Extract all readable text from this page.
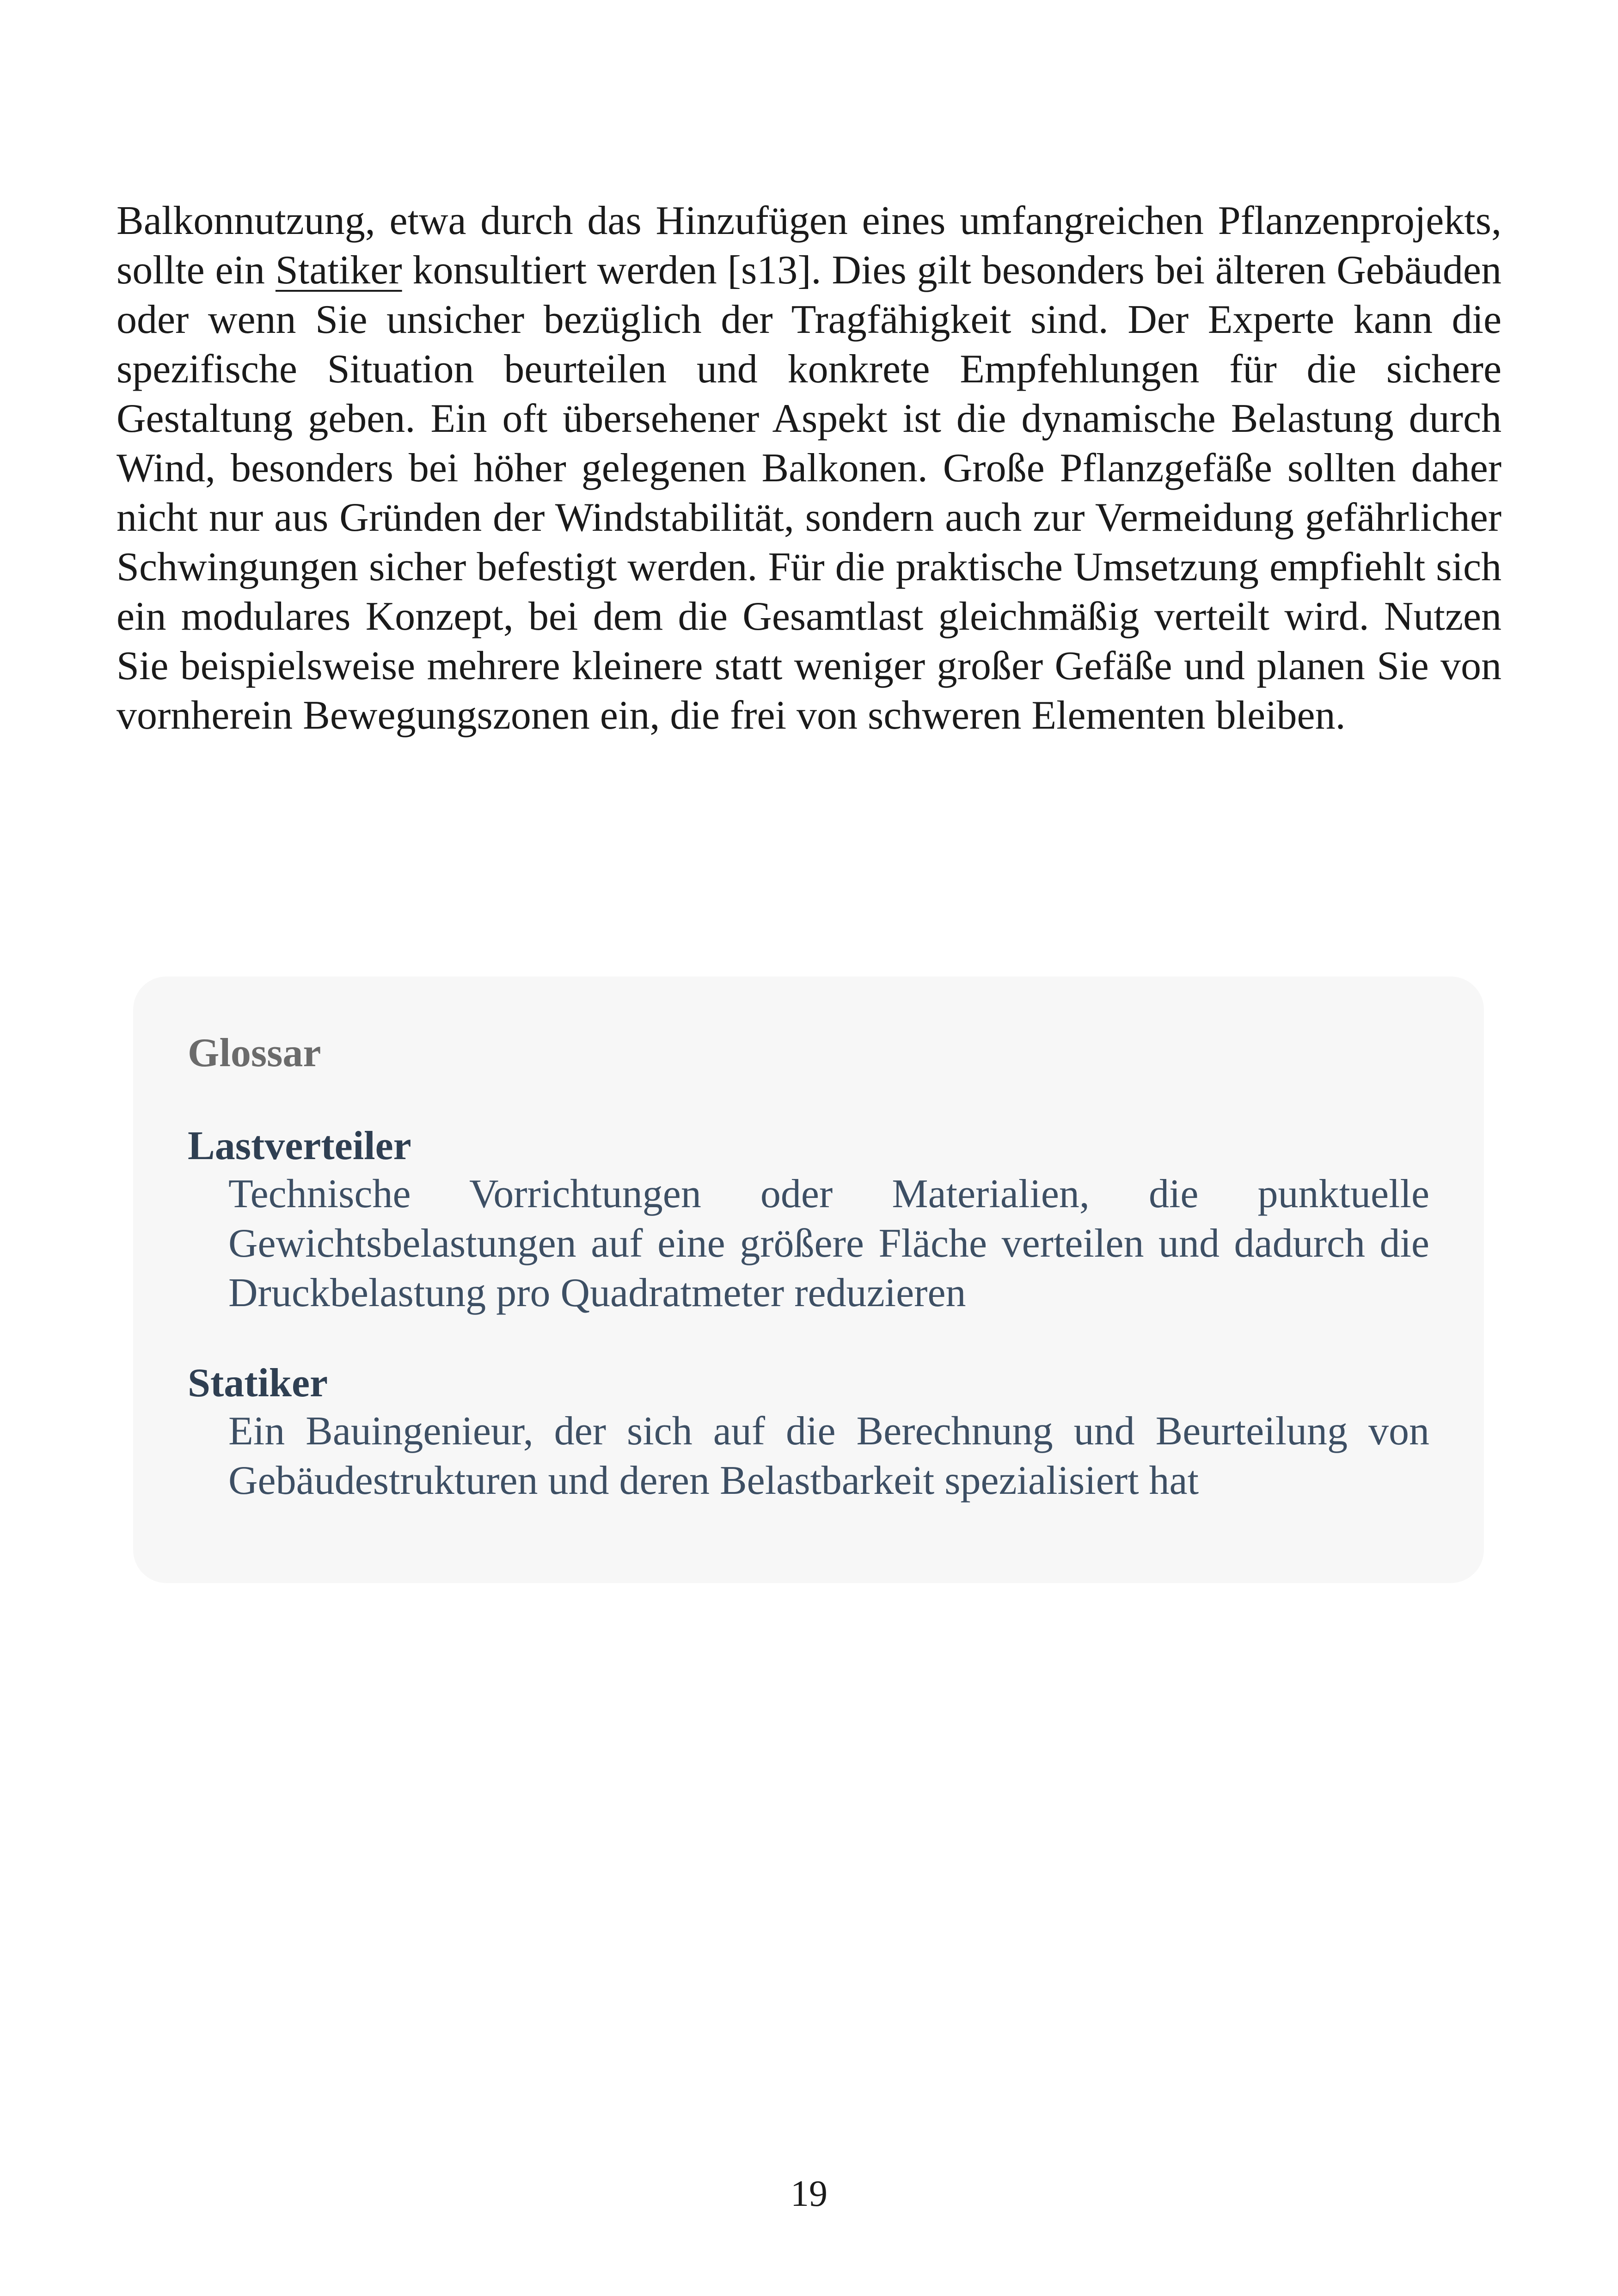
Balkonnutzung, etwa durch das Hinzufügen eines umfangreichen Pflanzenprojekts, sollte ein Statiker konsultiert werden [s13]. Dies gilt besonders bei älteren Gebäuden oder wenn Sie unsicher bezüglich der Tragfähigkeit sind. Der Experte kann die spezifische Situation beurteilen und konkrete Empfehlungen für die sichere Gestaltung geben. Ein oft übersehener Aspekt ist die dynamische Belastung durch Wind, besonders bei höher gelegenen Balkonen. Große Pflanzgefäße sollten daher nicht nur aus Gründen der Windstabilität, sondern auch zur Vermeidung gefährlicher Schwingungen sicher befestigt werden. Für die praktische Umsetzung empfiehlt sich ein modulares Konzept, bei dem die Gesamtlast gleichmäßig verteilt wird. Nutzen Sie beispielsweise mehrere kleinere statt weniger großer Gefäße und planen Sie von vornherein Bewegungszonen ein, die frei von schweren Elementen bleiben.

Glossar
Lastverteiler
Technische Vorrichtungen oder Materialien, die punktuelle Gewichtsbelastungen auf eine größere Fläche verteilen und dadurch die Druckbelastung pro Quadratmeter reduzieren
Statiker
Ein Bauingenieur, der sich auf die Berechnung und Beurteilung von Gebäudestrukturen und deren Belastbarkeit spezialisiert hat
19
